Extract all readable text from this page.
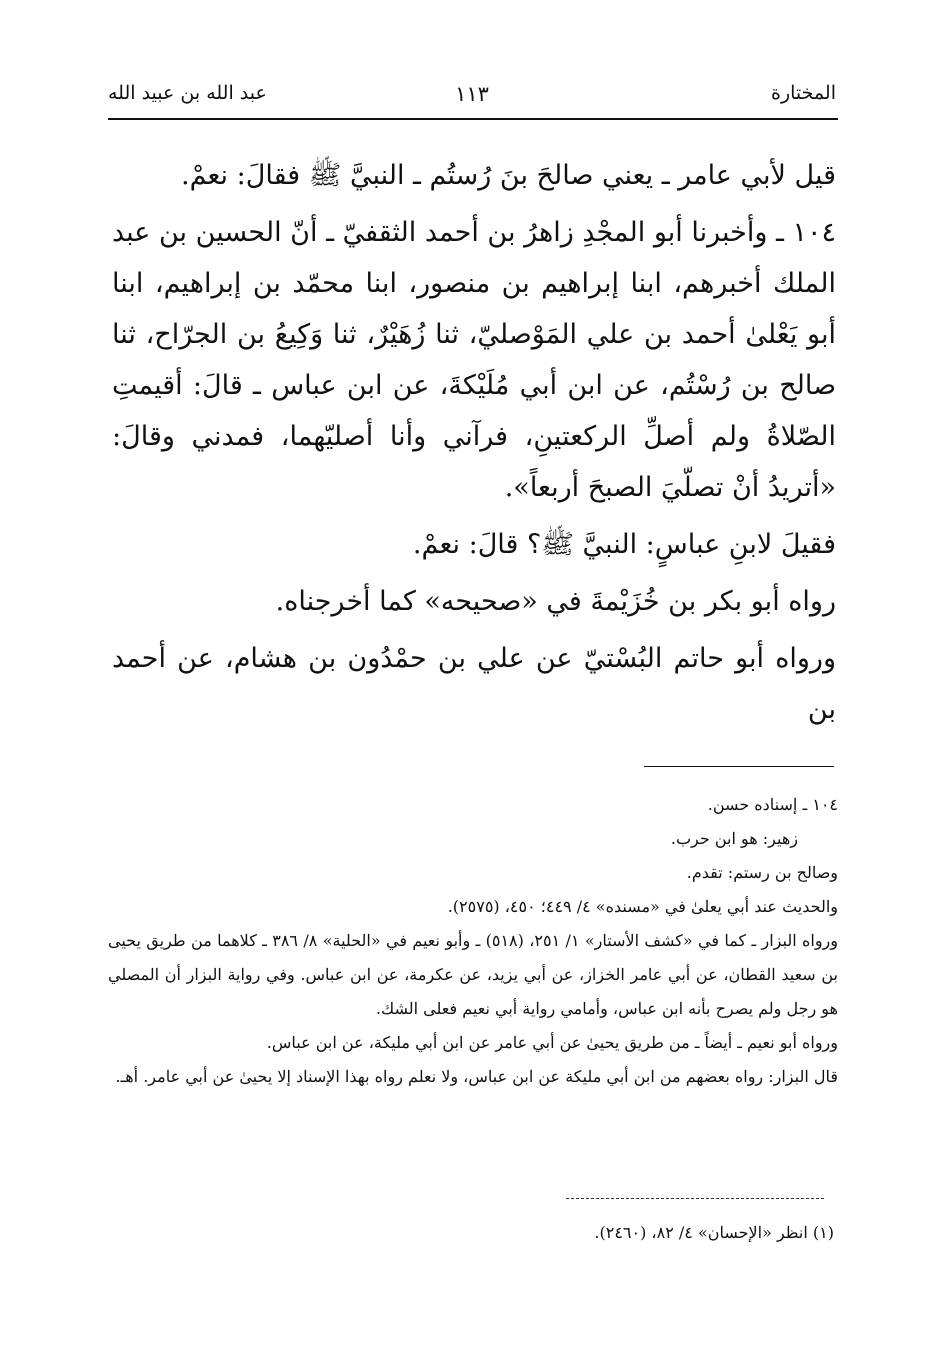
المختارة
١١٣
عبد الله بن عبيد الله

قيل لأبي عامر ـ يعني صالحَ بنَ رُستُم ـ النبيَّ ﷺ فقالَ: نعمْ.

١٠٤ ـ وأخبرنا أبو المجْدِ زاهرُ بن أحمد الثقفيّ ـ أنّ الحسين بن عبد الملك أخبرهم، ابنا إبراهيم بن منصور، ابنا محمّد بن إبراهيم، ابنا أبو يَعْلىٰ أحمد بن علي المَوْصليّ، ثنا زُهَيْرٌ، ثنا وَكِيعُ بن الجرّاح، ثنا صالح بن رُسْتُم، عن ابن أبي مُلَيْكةَ، عن ابن عباس ـ قالَ: أقيمتِ الصّلاةُ ولم أصلِّ الركعتينِ، فرآني وأنا أصليّهما، فمدني وقالَ: «أتريدُ أنْ تصلّيَ الصبحَ أربعاً».

فقيلَ لابنِ عباسٍ: النبيَّ ﷺ؟ قالَ: نعمْ.

رواه أبو بكر بن خُزَيْمةَ في «صحيحه» كما أخرجناه.

ورواه أبو حاتم البُسْتيّ عن علي بن حمْدُون بن هشام، عن أحمد بن

١٠٤ ـ إسناده حسن.

زهير: هو ابن حرب.

وصالح بن رستم: تقدم.

والحديث عند أبي يعلىٰ في «مسنده» ٤/ ٤٤٩؛ ٤٥٠، (٢٥٧٥).

ورواه البزار ـ كما في «كشف الأستار» ١/ ٢٥١، (٥١٨) ـ وأبو نعيم في «الحلية» ٨/ ٣٨٦ ـ كلاهما من طريق يحيى بن سعيد القطان، عن أبي عامر الخزاز، عن أبي يزيد، عن عكرمة، عن ابن عباس. وفي رواية البزار أن المصلي هو رجل ولم يصرح بأنه ابن عباس، وأمامي رواية أبي نعيم فعلى الشك.

ورواه أبو نعيم ـ أيضاً ـ من طريق يحيىٰ عن أبي عامر عن ابن أبي مليكة، عن ابن عباس.

قال البزار: رواه بعضهم من ابن أبي مليكة عن ابن عباس، ولا نعلم رواه بهذا الإسناد إلا يحيىٰ عن أبي عامر. أهـ.

(١) انظر «الإحسان» ٤/ ٨٢، (٢٤٦٠).
